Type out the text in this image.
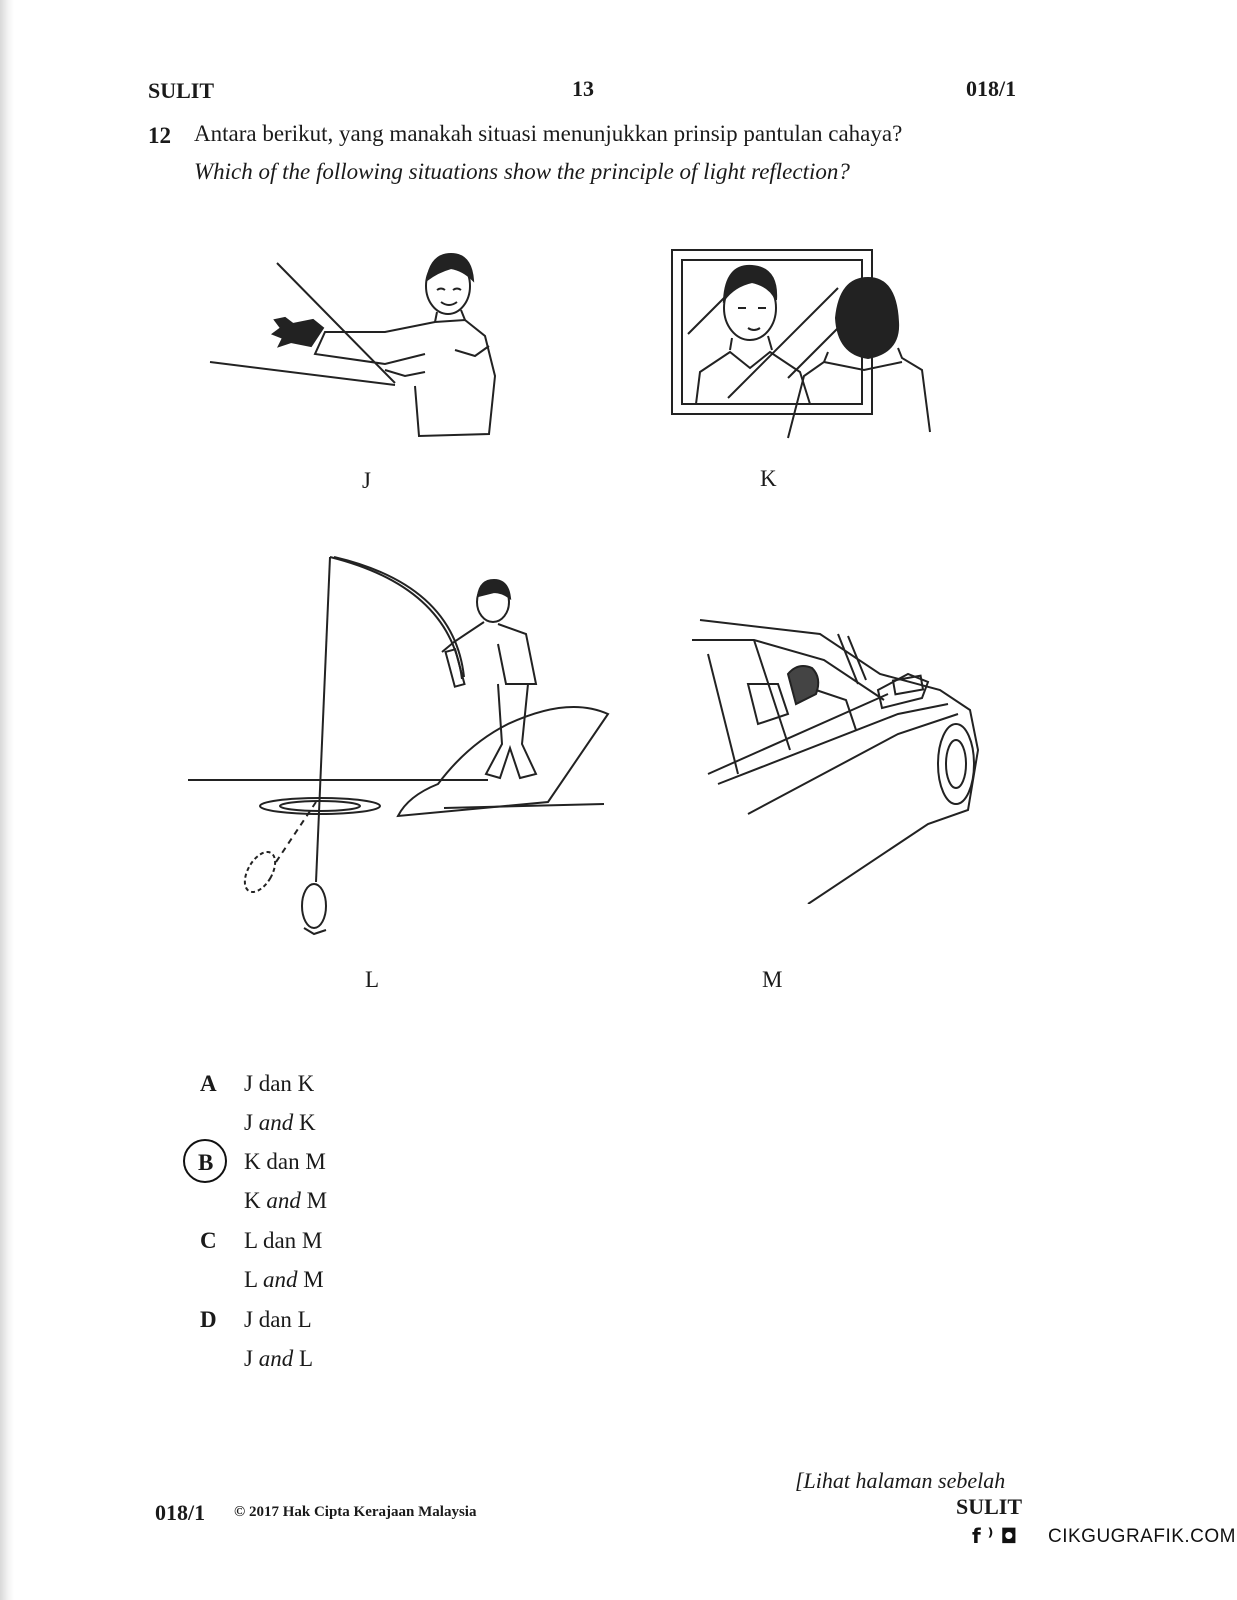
SULIT	13	018/1
12 Antara berikut, yang manakah situasi menunjukkan prinsip pantulan cahaya?
Which of the following situations show the principle of light reflection?
J	K
L	M
A J dan K
J and K
B K dan M
K and M
C L dan M
L and M
D J dan L
J and L
[Lihat halaman sebelah
SULIT
018/1 © 2017 Hak Cipta Kerajaan Malaysia
f ⁾ ◘ CIKGUGRAFIK.COM
